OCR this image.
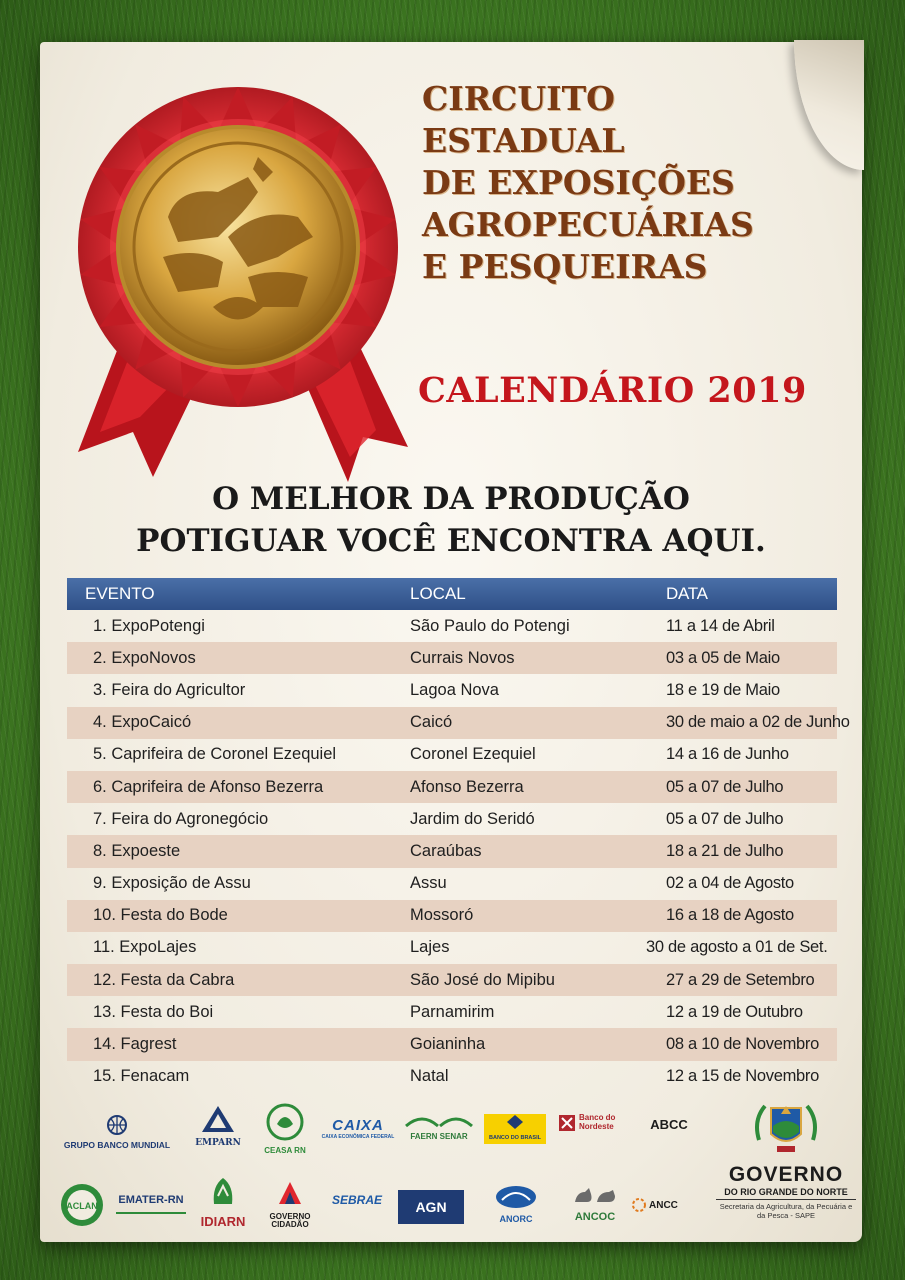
CIRCUITO
ESTADUAL
DE EXPOSIÇÕES
AGROPECUÁRIAS
E PESQUEIRAS
CALENDÁRIO 2019
O MELHOR DA PRODUÇÃO
POTIGUAR VOCÊ ENCONTRA AQUI.
EVENTO	LOCAL	DATA
1. ExpoPotengi	São Paulo do Potengi	11 a 14 de Abril
2. ExpoNovos	Currais Novos	03 a 05 de Maio
3. Feira do Agricultor	Lagoa Nova	18 e 19 de Maio
4. ExpoCaicó	Caicó	30 de maio a 02 de Junho
5. Caprifeira de Coronel Ezequiel	Coronel Ezequiel	14 a 16 de Junho
6. Caprifeira de Afonso Bezerra	Afonso Bezerra	05 a 07 de Julho
7. Feira do Agronegócio	Jardim do Seridó	05 a 07 de Julho
8. Expoeste	Caraúbas	18 a 21 de Julho
9. Exposição de Assu	Assu	02 a 04 de Agosto
10. Festa do Bode	Mossoró	16 a 18 de Agosto
11. ExpoLajes	Lajes	30 de agosto a 01 de Set.
12. Festa da Cabra	São José do Mipibu	27 a 29 de Setembro
13. Festa do Boi	Parnamirim	12 a 19 de Outubro
14. Fagrest	Goianinha	08 a 10 de Novembro
15. Fenacam	Natal	12 a 15 de Novembro
GRUPO BANCO MUNDIAL	EMPARN
CEASA RN
CAIXA
CAIXA ECONÔMICA FEDERAL	FAERN SENAR	BANCO DO BRASIL
Banco do
Nordeste	ABCC
ACLAN EMATER-RN
IDIARN	GOVERNO
CIDADÃO
SEBRAE	AGN
ANORC	ANCOC
ANCC
GOVERNO
DO RIO GRANDE DO NORTE
Secretaria da Agricultura, da Pecuária e da Pesca - SAPE
